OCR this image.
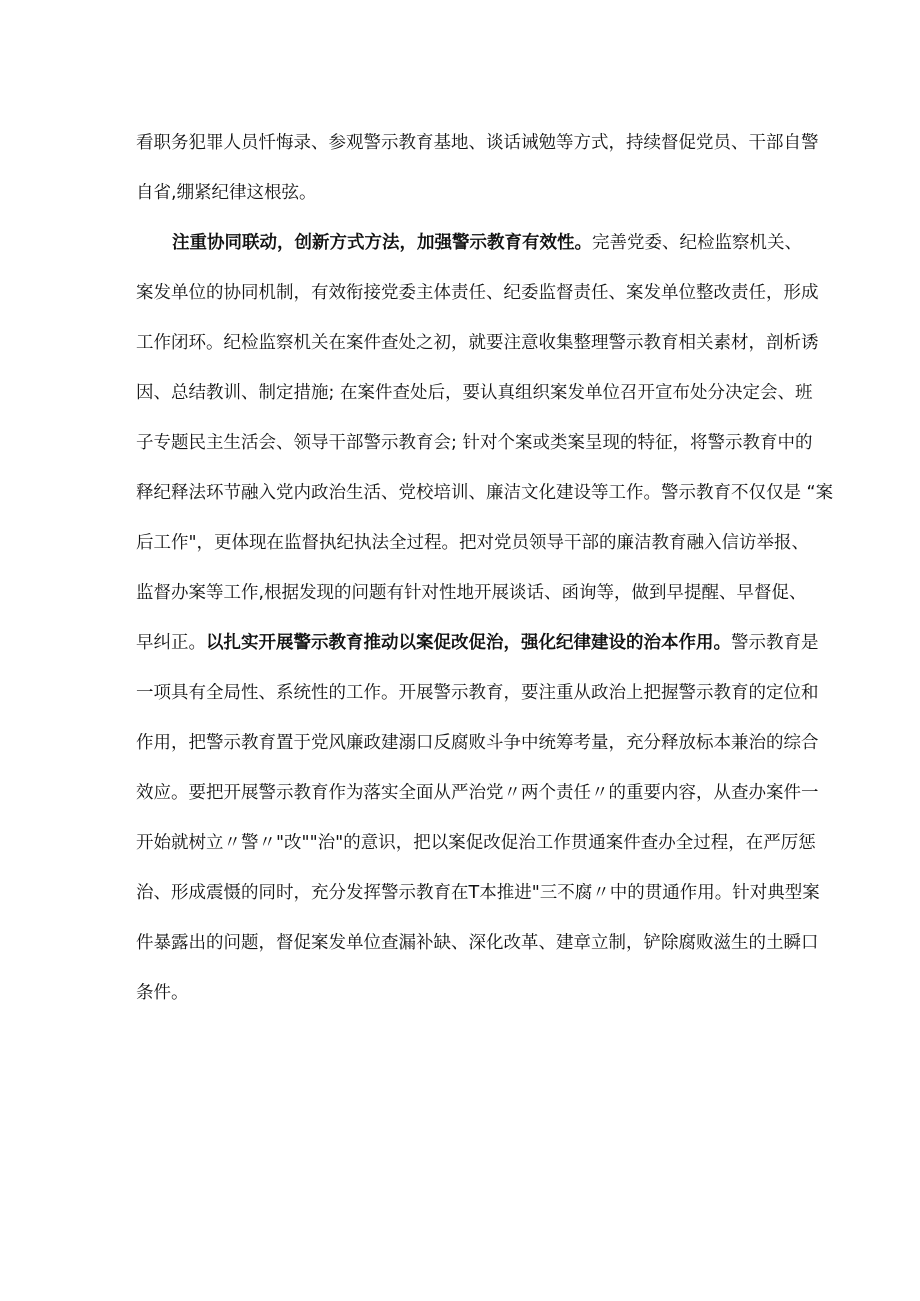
看职务犯罪人员忏悔录、参观警示教育基地、谈话诫勉等方式，持续督促党员、干部自警
自省,绷紧纪律这根弦。
注重协同联动，创新方式方法，加强警示教育有效性。完善党委、纪检监察机关、
案发单位的协同机制，有效衔接党委主体责任、纪委监督责任、案发单位整改责任，形成
工作闭环。纪检监察机关在案件查处之初，就要注意收集整理警示教育相关素材，剖析诱
因、总结教训、制定措施; 在案件查处后，要认真组织案发单位召开宣布处分决定会、班
子专题民主生活会、领导干部警示教育会; 针对个案或类案呈现的特征，将警示教育中的
释纪释法环节融入党内政治生活、党校培训、廉洁文化建设等工作。警示教育不仅仅是 “案
后工作"，更体现在监督执纪执法全过程。把对党员领导干部的廉洁教育融入信访举报、
监督办案等工作,根据发现的问题有针对性地开展谈话、函询等，做到早提醒、早督促、
早纠正。以扎实开展警示教育推动以案促改促治，强化纪律建设的治本作用。警示教育是
一项具有全局性、系统性的工作。开展警示教育，要注重从政治上把握警示教育的定位和
作用，把警示教育置于党风廉政建溺口反腐败斗争中统筹考量，充分释放标本兼治的综合
效应。要把开展警示教育作为落实全面从严治党〃两个责任〃的重要内容，从查办案件一
开始就树立〃警〃"改""治"的意识，把以案促改促治工作贯通案件查办全过程，在严厉惩
治、形成震慑的同时，充分发挥警示教育在T本推进"三不腐〃中的贯通作用。针对典型案
件暴露出的问题，督促案发单位查漏补缺、深化改革、建章立制，铲除腐败滋生的土瞬口
条件。
